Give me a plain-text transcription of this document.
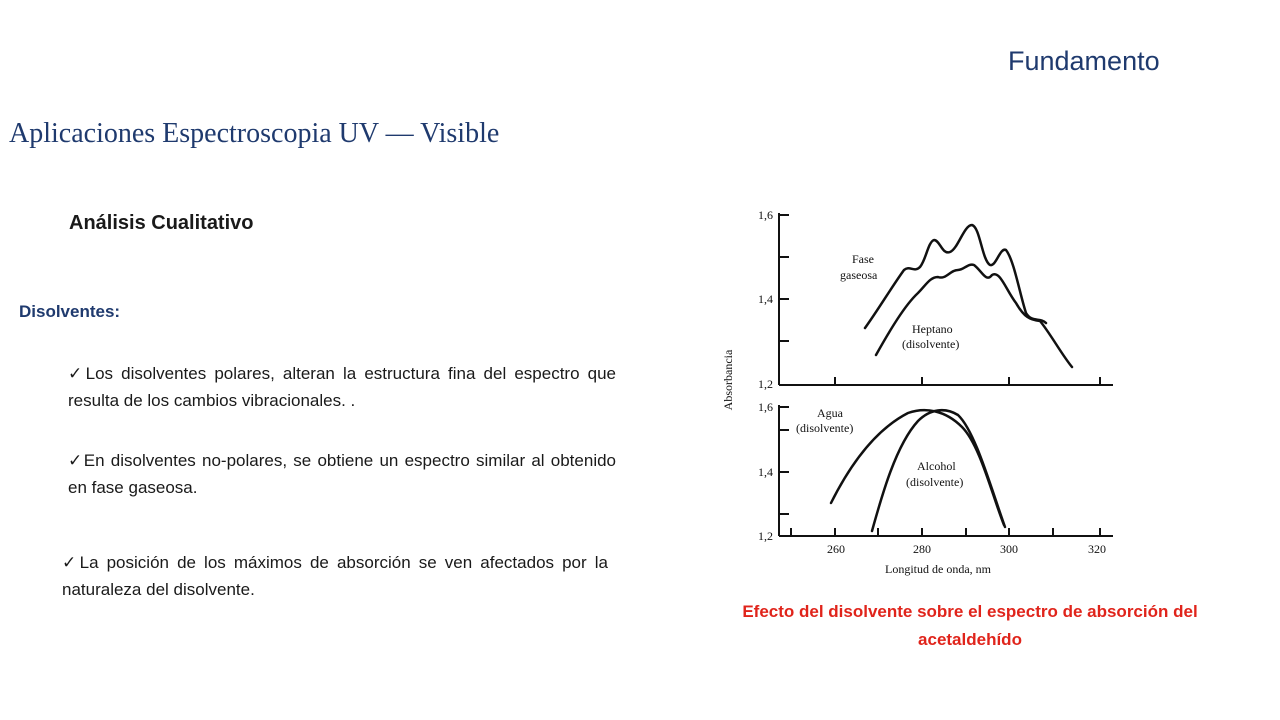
Fundamento
Aplicaciones Espectroscopia UV — Visible
Análisis Cualitativo
Disolventes:
✓Los disolventes polares, alteran la estructura fina del espectro que resulta de los cambios vibracionales. .
✓En disolventes no-polares, se obtiene un espectro similar al obtenido en fase gaseosa.
✓La posición de los máximos de absorción se ven afectados por la naturaleza del disolvente.
Absorbancia
1,6
1,4
1,2
1,6
1,4
1,2
260	280	300	320
Longitud de onda, nm
Fase
gaseosa
Heptano
(disolvente)
Agua
(disolvente)
Alcohol
(disolvente)
Efecto del disolvente sobre el espectro de absorción del acetaldehído
